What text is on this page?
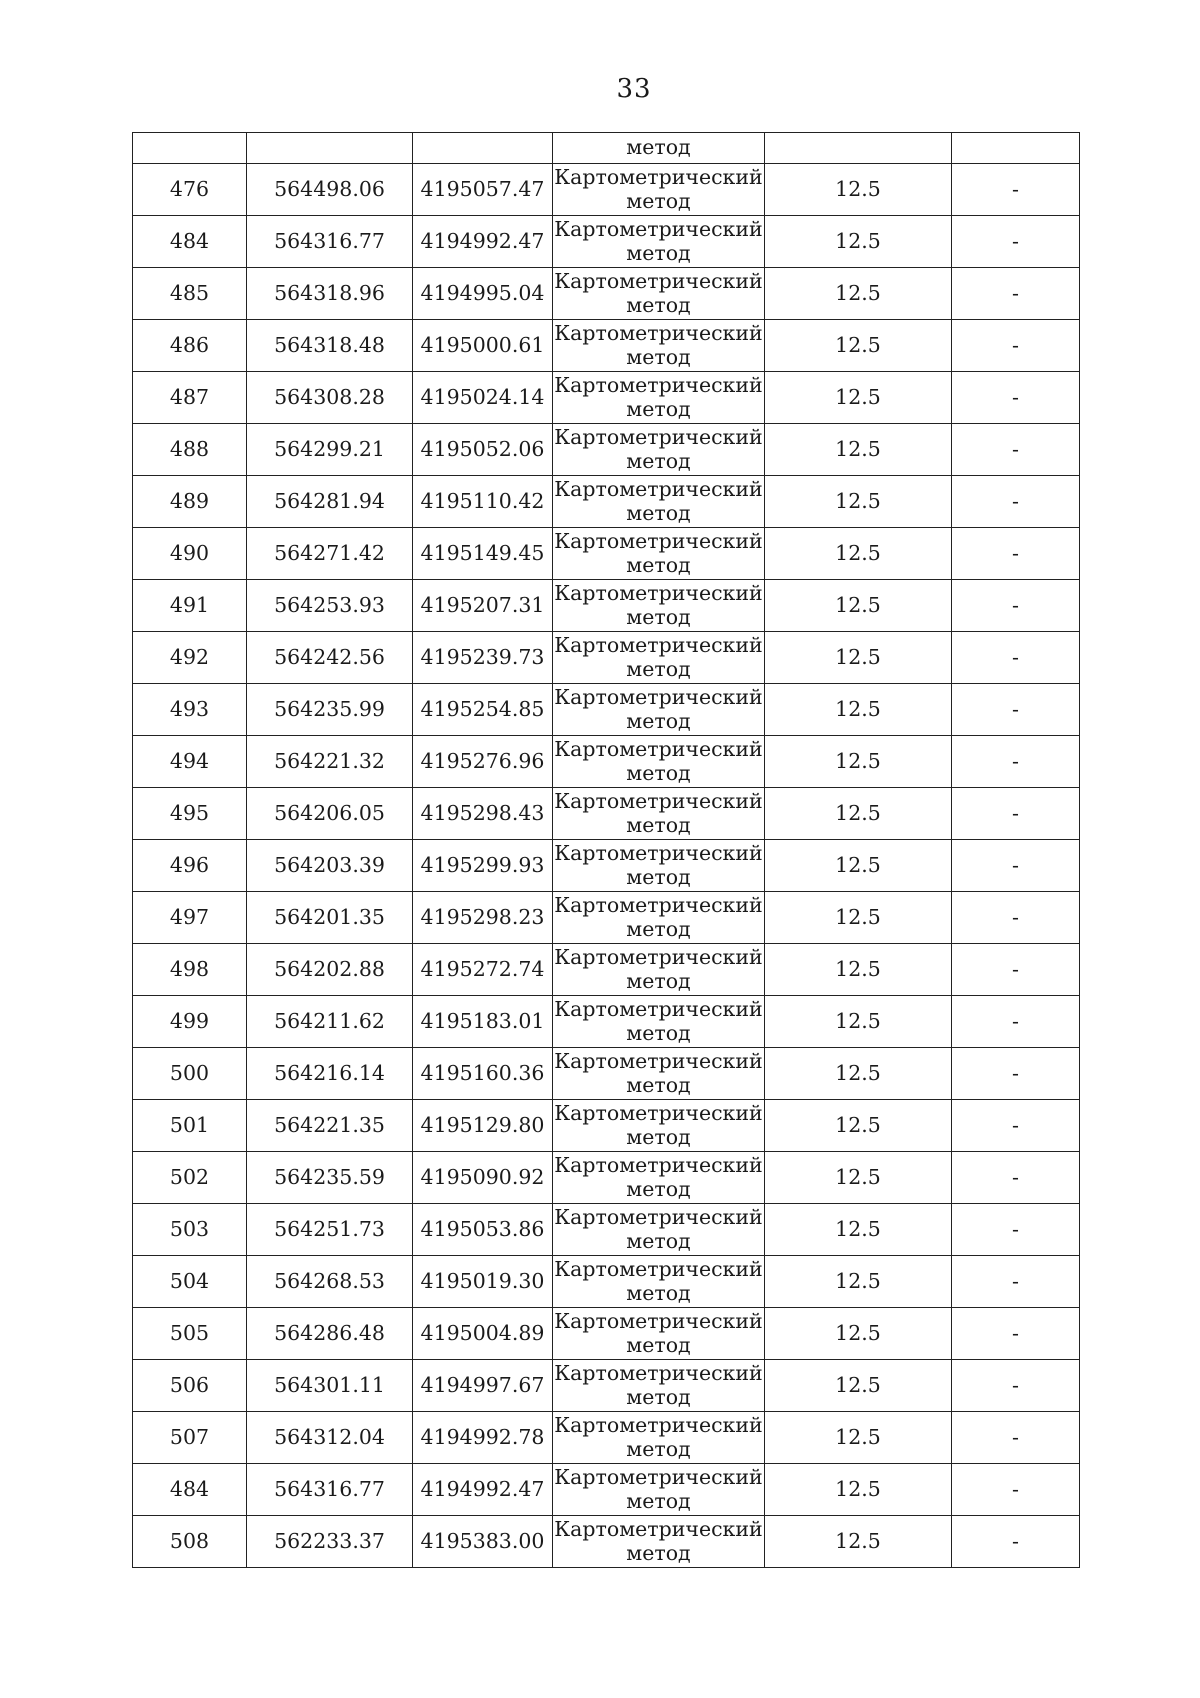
33
			метод		
476	564498.06	4195057.47	Картометрический
метод	12.5	-
484	564316.77	4194992.47	Картометрический
метод	12.5	-
485	564318.96	4194995.04	Картометрический
метод	12.5	-
486	564318.48	4195000.61	Картометрический
метод	12.5	-
487	564308.28	4195024.14	Картометрический
метод	12.5	-
488	564299.21	4195052.06	Картометрический
метод	12.5	-
489	564281.94	4195110.42	Картометрический
метод	12.5	-
490	564271.42	4195149.45	Картометрический
метод	12.5	-
491	564253.93	4195207.31	Картометрический
метод	12.5	-
492	564242.56	4195239.73	Картометрический
метод	12.5	-
493	564235.99	4195254.85	Картометрический
метод	12.5	-
494	564221.32	4195276.96	Картометрический
метод	12.5	-
495	564206.05	4195298.43	Картометрический
метод	12.5	-
496	564203.39	4195299.93	Картометрический
метод	12.5	-
497	564201.35	4195298.23	Картометрический
метод	12.5	-
498	564202.88	4195272.74	Картометрический
метод	12.5	-
499	564211.62	4195183.01	Картометрический
метод	12.5	-
500	564216.14	4195160.36	Картометрический
метод	12.5	-
501	564221.35	4195129.80	Картометрический
метод	12.5	-
502	564235.59	4195090.92	Картометрический
метод	12.5	-
503	564251.73	4195053.86	Картометрический
метод	12.5	-
504	564268.53	4195019.30	Картометрический
метод	12.5	-
505	564286.48	4195004.89	Картометрический
метод	12.5	-
506	564301.11	4194997.67	Картометрический
метод	12.5	-
507	564312.04	4194992.78	Картометрический
метод	12.5	-
484	564316.77	4194992.47	Картометрический
метод	12.5	-
508	562233.37	4195383.00	Картометрический
метод	12.5	-
